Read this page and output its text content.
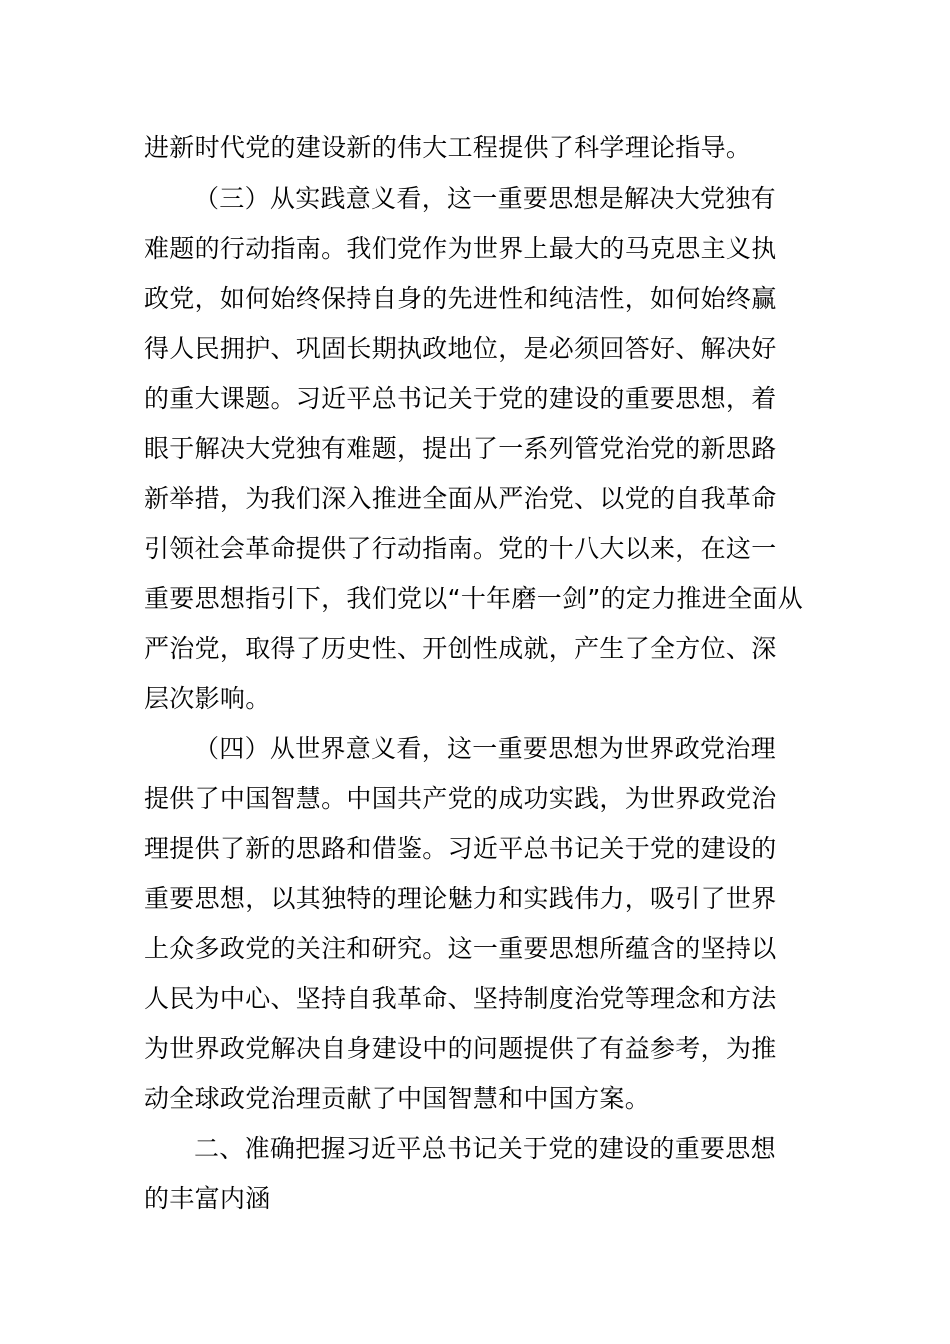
进新时代党的建设新的伟大工程提供了科学理论指导。

（三）从实践意义看，这一重要思想是解决大党独有

难题的行动指南。我们党作为世界上最大的马克思主义执

政党，如何始终保持自身的先进性和纯洁性，如何始终赢

得人民拥护、巩固长期执政地位，是必须回答好、解决好

的重大课题。习近平总书记关于党的建设的重要思想，着

眼于解决大党独有难题，提出了一系列管党治党的新思路

新举措，为我们深入推进全面从严治党、以党的自我革命

引领社会革命提供了行动指南。党的十八大以来，在这一

重要思想指引下，我们党以“十年磨一剑”的定力推进全面从

严治党，取得了历史性、开创性成就，产生了全方位、深

层次影响。

（四）从世界意义看，这一重要思想为世界政党治理

提供了中国智慧。中国共产党的成功实践，为世界政党治

理提供了新的思路和借鉴。习近平总书记关于党的建设的

重要思想，以其独特的理论魅力和实践伟力，吸引了世界

上众多政党的关注和研究。这一重要思想所蕴含的坚持以

人民为中心、坚持自我革命、坚持制度治党等理念和方法

为世界政党解决自身建设中的问题提供了有益参考，为推

动全球政党治理贡献了中国智慧和中国方案。

二、准确把握习近平总书记关于党的建设的重要思想

的丰富内涵
